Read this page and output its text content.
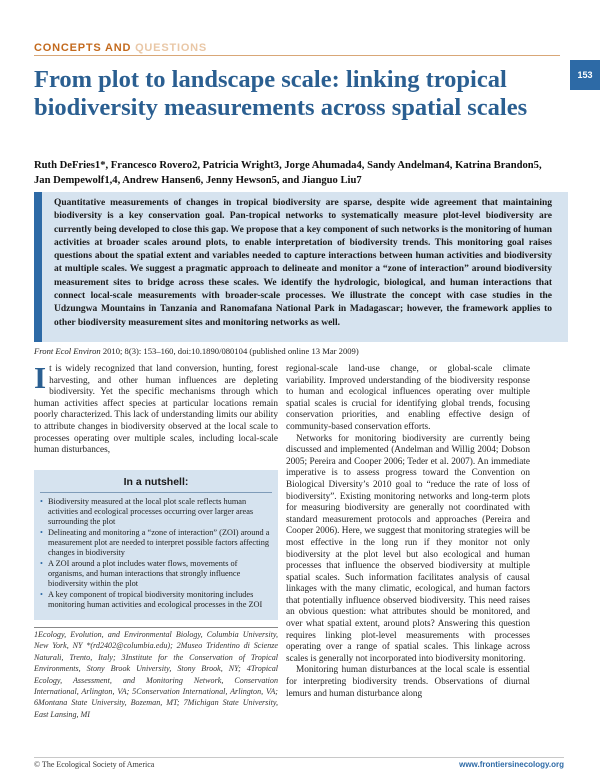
CONCEPTS AND QUESTIONS
153
From plot to landscape scale: linking tropical biodiversity measurements across spatial scales
Ruth DeFries1*, Francesco Rovero2, Patricia Wright3, Jorge Ahumada4, Sandy Andelman4, Katrina Brandon5,
Jan Dempewolf1,4, Andrew Hansen6, Jenny Hewson5, and Jianguo Liu7

Quantitative measurements of changes in tropical biodiversity are sparse, despite wide agreement that maintaining biodiversity is a key conservation goal. Pan-tropical networks to systematically measure plot-level biodiversity are currently being developed to close this gap. We propose that a key component of such networks is the monitoring of human activities at broader scales around plots, to enable interpretation of biodiversity trends. This monitoring goal raises questions about the spatial extent and variables needed to capture interactions between human activities and biodiversity at multiple scales. We suggest a pragmatic approach to delineate and monitor a “zone of interaction” around biodiversity measurement sites to bridge across these scales. We identify the hydrologic, biological, and human interactions that connect local-scale measurements with broader-scale processes. We illustrate the concept with case studies in the Udzungwa Mountains in Tanzania and Ranomafana National Park in Madagascar; however, the framework applies to other biodiversity measurement sites and monitoring networks as well.

Front Ecol Environ 2010; 8(3): 153–160, doi:10.1890/080104 (published online 13 Mar 2009)

It is widely recognized that land conversion, hunting, forest harvesting, and other human influences are depleting biodiversity. Yet the specific mechanisms through which human activities affect species at particular locations remain poorly characterized. This lack of understanding limits our ability to attribute changes in biodiversity observed at the local scale to processes operating over multiple scales, including local-scale human disturbances,

In a nutshell:
• Biodiversity measured at the local plot scale reflects human activities and ecological processes occurring over larger areas surrounding the plot
• Delineating and monitoring a “zone of interaction” (ZOI) around a measurement plot are needed to interpret possible factors affecting changes in biodiversity
• A ZOI around a plot includes water flows, movements of organisms, and human interactions that strongly influence biodiversity within the plot
• A key component of tropical biodiversity monitoring includes monitoring human activities and ecological processes in the ZOI
1Ecology, Evolution, and Environmental Biology, Columbia University, New York, NY *(rd2402@columbia.edu); 2Museo Tridentino di Scienze Naturali, Trento, Italy; 3Institute for the Conservation of Tropical Environments, Stony Brook University, Stony Brook, NY; 4Tropical Ecology, Assessment, and Monitoring Network, Conservation International, Arlington, VA; 5Conservation International, Arlington, VA; 6Montana State University, Bozeman, MT; 7Michigan State University, East Lansing, MI

regional-scale land-use change, or global-scale climate variability. Improved understanding of the biodiversity response to human and ecological influences operating over multiple spatial scales is crucial for identifying global trends, focusing conservation priorities, and enabling effective design of community-based conservation efforts.

Networks for monitoring biodiversity are currently being discussed and implemented (Andelman and Willig 2004; Dobson 2005; Pereira and Cooper 2006; Teder et al. 2007). An immediate imperative is to assess progress toward the Convention on Biological Diversity’s 2010 goal to “reduce the rate of loss of biodiversity”. Existing monitoring networks and long-term plots for measuring biodiversity are generally not coordinated with standard measurement protocols and approaches (Pereira and Cooper 2006). Here, we suggest that monitoring strategies will be most effective in the long run if they monitor not only biodiversity at the plot level but also ecological and human processes that influence the observed biodiversity at multiple spatial scales. Such information facilitates analysis of causal linkages with the many climatic, ecological, and human factors that potentially influence observed biodiversity. This need raises an obvious question: what attributes should be monitored, and over what spatial extent, around plots? Answering this question requires linking plot-level measurements with processes operating over a range of spatial scales. This linkage across scales is generally not incorporated into biodiversity monitoring.

Monitoring human disturbances at the local scale is essential for interpreting biodiversity trends. Observations of diurnal lemurs and human disturbance along

© The Ecological Society of America	www.frontiersinecology.org
